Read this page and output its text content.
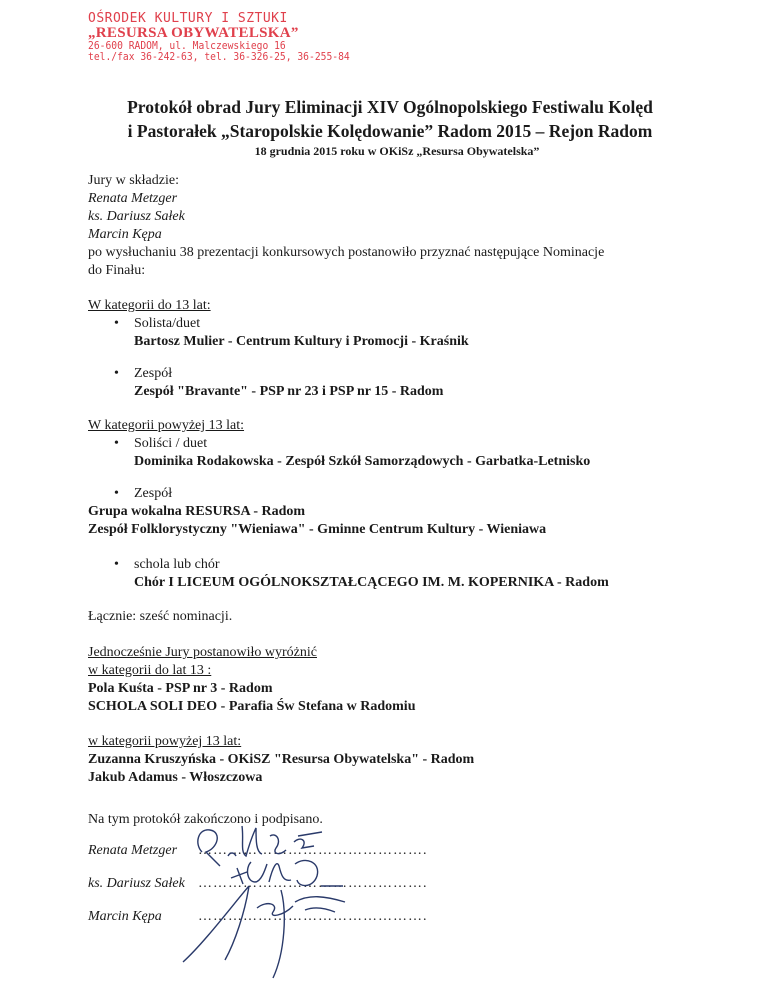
OŚRODEK KULTURY I SZTUKI
„RESURSA OBYWATELSKA”
26-600 RADOM, ul. Malczewskiego 16
tel./fax 36-242-63, tel. 36-326-25, 36-255-84
Protokół obrad Jury Eliminacji XIV Ogólnopolskiego Festiwalu Kolęd
i Pastorałek „Staropolskie Kolędowanie” Radom 2015 – Rejon Radom
18 grudnia 2015 roku w OKiSz „Resursa Obywatelska”
Jury w składzie:
Renata Metzger
ks. Dariusz Sałek
Marcin Kępa
po wysłuchaniu 38 prezentacji konkursowych postanowiło przyznać następujące Nominacje
do Finału:
W kategorii do 13 lat:
• Solista/duet
Bartosz Mulier - Centrum Kultury i Promocji - Kraśnik
• Zespół
Zespół "Bravante" - PSP nr 23 i PSP nr 15 - Radom
W kategorii powyżej 13 lat:
• Soliści / duet
Dominika Rodakowska - Zespół Szkół Samorządowych - Garbatka-Letnisko
• Zespół
Grupa wokalna RESURSA - Radom
Zespół Folklorystyczny "Wieniawa" - Gminne Centrum Kultury - Wieniawa
• schola lub chór
Chór I LICEUM OGÓLNOKSZTAŁCĄCEGO IM. M. KOPERNIKA - Radom
Łącznie: sześć nominacji.
Jednocześnie Jury postanowiło wyróżnić
w kategorii do lat 13 :
Pola Kuśta - PSP nr 3 - Radom
SCHOLA SOLI DEO - Parafia Św Stefana w Radomiu
w kategorii powyżej 13 lat:
Zuzanna Kruszyńska - OKiSZ "Resursa Obywatelska" - Radom
Jakub Adamus - Włoszczowa
Na tym protokół zakończono i podpisano.
Renata Metzger ……………………………………….
ks. Dariusz Sałek ……………………………………….
Marcin Kępa	……………………………………….
